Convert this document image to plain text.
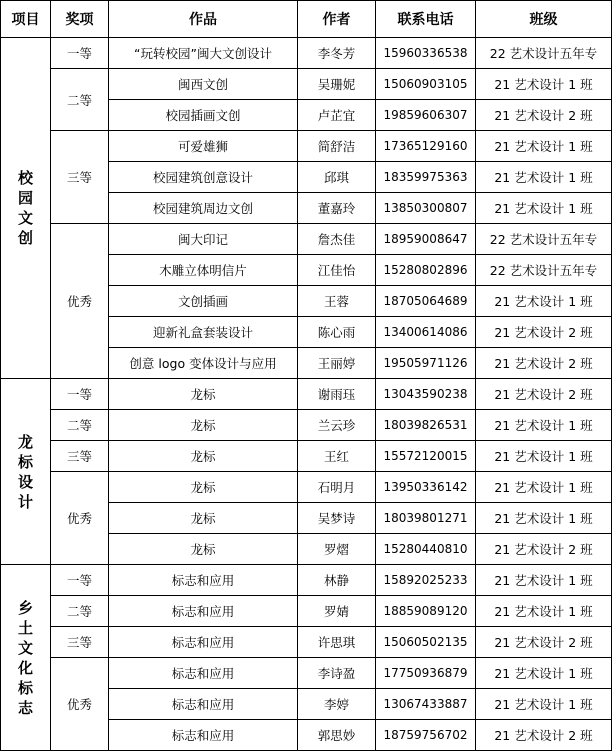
项目	奖项	作品	作者	联系电话	班级
校园文创	一等	“玩转校园”闽大文创设计	李冬芳	15960336538	22 艺术设计五年专
	二等	闽西文创	吴珊妮	15060903105	21 艺术设计 1 班
		校园插画文创	卢芷宜	19859606307	21 艺术设计 2 班
	三等	可爱雄狮	简舒洁	17365129160	21 艺术设计 1 班
		校园建筑创意设计	邱琪	18359975363	21 艺术设计 1 班
		校园建筑周边文创	董嘉玲	13850300807	21 艺术设计 1 班
	优秀	闽大印记	詹杰佳	18959008647	22 艺术设计五年专
		木雕立体明信片	江佳怡	15280802896	22 艺术设计五年专
		文创插画	王蓉	18705064689	21 艺术设计 1 班
		迎新礼盒套装设计	陈心雨	13400614086	21 艺术设计 2 班
		创意 logo 变体设计与应用	王丽婷	19505971126	21 艺术设计 2 班
龙标设计	一等	龙标	谢雨珏	13043590238	21 艺术设计 2 班
	二等	龙标	兰云珍	18039826531	21 艺术设计 1 班
	三等	龙标	王红	15572120015	21 艺术设计 1 班
	优秀	龙标	石明月	13950336142	21 艺术设计 1 班
		龙标	吴梦诗	18039801271	21 艺术设计 1 班
		龙标	罗熠	15280440810	21 艺术设计 2 班
乡土文化标志	一等	标志和应用	林静	15892025233	21 艺术设计 1 班
	二等	标志和应用	罗婧	18859089120	21 艺术设计 1 班
	三等	标志和应用	许思琪	15060502135	21 艺术设计 2 班
	优秀	标志和应用	李诗盈	17750936879	21 艺术设计 1 班
		标志和应用	李婷	13067433887	21 艺术设计 1 班
		标志和应用	郭思妙	18759756702	21 艺术设计 2 班
